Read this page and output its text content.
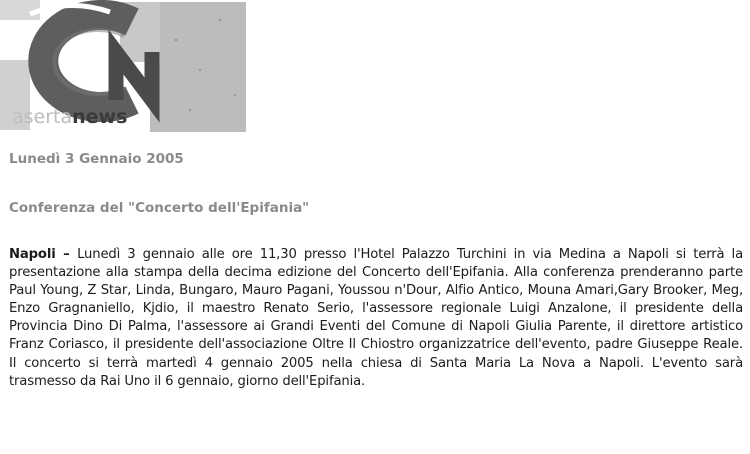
asertanews
Lunedì 3 Gennaio 2005
Conferenza del "Concerto dell'Epifania"
Napoli – Lunedì 3 gennaio alle ore 11,30 presso l'Hotel Palazzo Turchini in via Medina a Napoli si terrà la presentazione alla stampa della decima edizione del Concerto dell'Epifania. Alla conferenza prenderanno parte Paul Young, Z Star, Linda, Bungaro, Mauro Pagani, Youssou n'Dour, Alfio Antico, Mouna Amari,Gary Brooker, Meg, Enzo Gragnaniello, Kjdio, il maestro Renato Serio, l'assessore regionale Luigi Anzalone, il presidente della Provincia Dino Di Palma, l'assessore ai Grandi Eventi del Comune di Napoli Giulia Parente, il direttore artistico Franz Coriasco, il presidente dell'associazione Oltre Il Chiostro organizzatrice dell'evento, padre Giuseppe Reale. Il concerto si terrà martedì 4 gennaio 2005 nella chiesa di Santa Maria La Nova a Napoli. L'evento sarà trasmesso da Rai Uno il 6 gennaio, giorno dell'Epifania.
